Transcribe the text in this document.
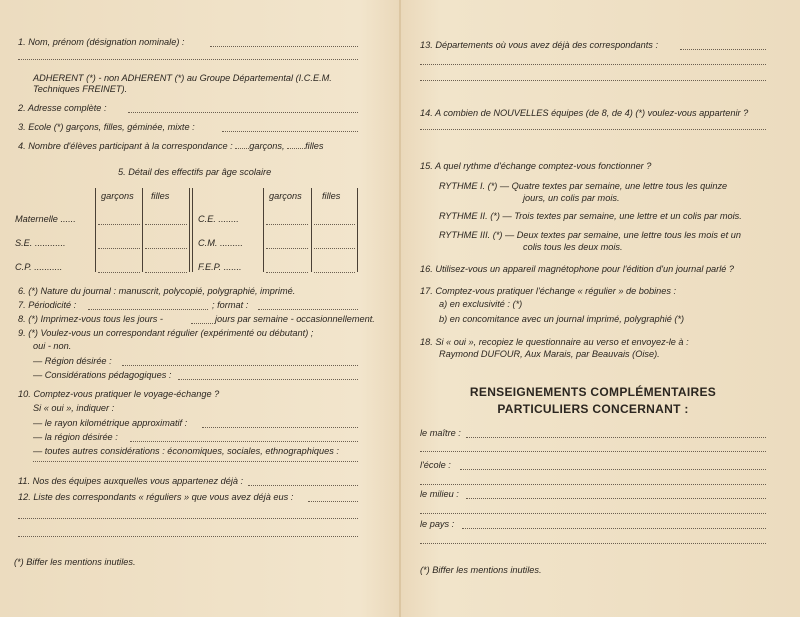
1. Nom, prénom (désignation nominale) :
ADHERENT (*) - non ADHERENT (*) au Groupe Départemental (I.C.E.M.
Techniques FREINET).
2. Adresse complète :
3. Ecole (*) garçons, filles, géminée, mixte :
4. Nombre d'élèves participant à la correspondance : garçons, filles
5. Détail des effectifs par âge scolaire
garçons filles	garçons filles
Maternelle ......
S.E. ............
C.P. ...........
C.E. ........
C.M. .........
F.E.P. .......
6. (*) Nature du journal : manuscrit, polycopié, polygraphié, imprimé.
7. Périodicité :	; format :
8. (*) Imprimez-vous tous les jours -	jours par semaine - occasionnellement.
9. (*) Voulez-vous un correspondant régulier (expérimenté ou débutant) ;
oui - non.
— Région désirée :
— Considérations pédagogiques :
10. Comptez-vous pratiquer le voyage-échange ?
Si « oui », indiquer :
— le rayon kilométrique approximatif :
— la région désirée :
— toutes autres considérations : économiques, sociales, ethnographiques :
11. Nos des équipes auxquelles vous appartenez déjà :
12. Liste des correspondants « réguliers » que vous avez déjà eus :
(*) Biffer les mentions inutiles.
13. Départements où vous avez déjà des correspondants :
14. A combien de NOUVELLES équipes (de 8, de 4) (*) voulez-vous appartenir ?
15. A quel rythme d'échange comptez-vous fonctionner ?
RYTHME I. (*) — Quatre textes par semaine, une lettre tous les quinze
jours, un colis par mois.
RYTHME II. (*) — Trois textes par semaine, une lettre et un colis par mois.
RYTHME III. (*) — Deux textes par semaine, une lettre tous les mois et un
colis tous les deux mois.
16. Utilisez-vous un appareil magnétophone pour l'édition d'un journal parlé ?
17. Comptez-vous pratiquer l'échange « régulier » de bobines :
a) en exclusivité : (*)
b) en concomitance avec un journal imprimé, polygraphié (*)
18. Si « oui », recopiez le questionnaire au verso et envoyez-le à :
Raymond DUFOUR, Aux Marais, par Beauvais (Oise).
RENSEIGNEMENTS COMPLÉMENTAIRES
PARTICULIERS CONCERNANT :
le maître :
l'école :
le milieu :
le pays :
(*) Biffer les mentions inutiles.
